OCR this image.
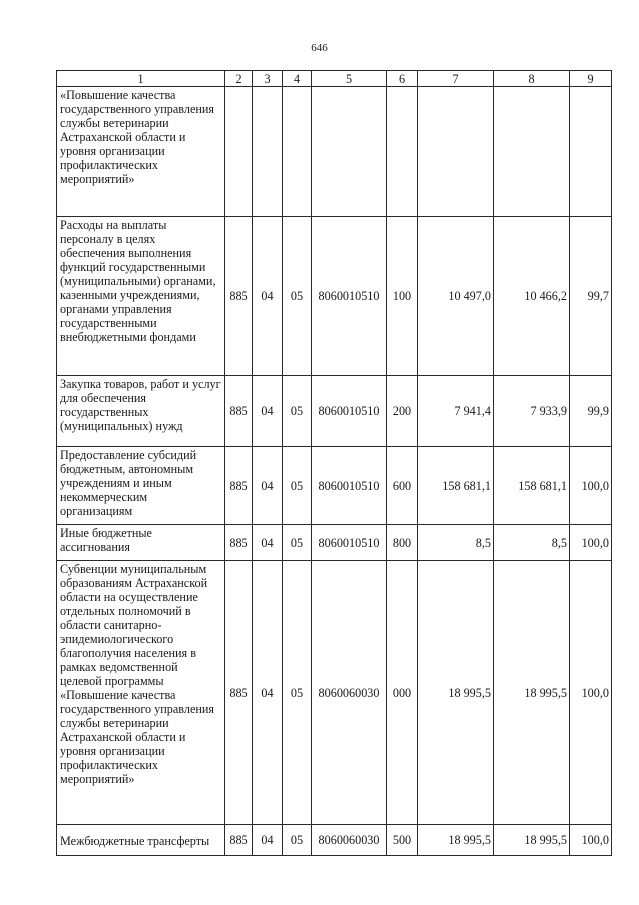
646
1	2	3	4	5	6	7	8	9
«Повышение качества государственного управления службы ветеринарии Астраханской области и уровня организации профилактических мероприятий»								
Расходы на выплаты персоналу в целях обеспечения выполнения функций государственными (муниципальными) органами, казенными учреждениями, органами управления государственными внебюджетными фондами	885	04	05	8060010510	100	10 497,0	10 466,2	99,7
Закупка товаров, работ и услуг для обеспечения государственных (муниципальных) нужд	885	04	05	8060010510	200	7 941,4	7 933,9	99,9
Предоставление субсидий бюджетным, автономным учреждениям и иным некоммерческим организациям	885	04	05	8060010510	600	158 681,1	158 681,1	100,0
Иные бюджетные ассигнования	885	04	05	8060010510	800	8,5	8,5	100,0
Субвенции муниципальным образованиям Астраханской области на осуществление отдельных полномочий в области санитарно-эпидемиологического благополучия населения в рамках ведомственной целевой программы «Повышение качества государственного управления службы ветеринарии Астраханской области и уровня организации профилактических мероприятий»	885	04	05	8060060030	000	18 995,5	18 995,5	100,0
Межбюджетные трансферты	885	04	05	8060060030	500	18 995,5	18 995,5	100,0
